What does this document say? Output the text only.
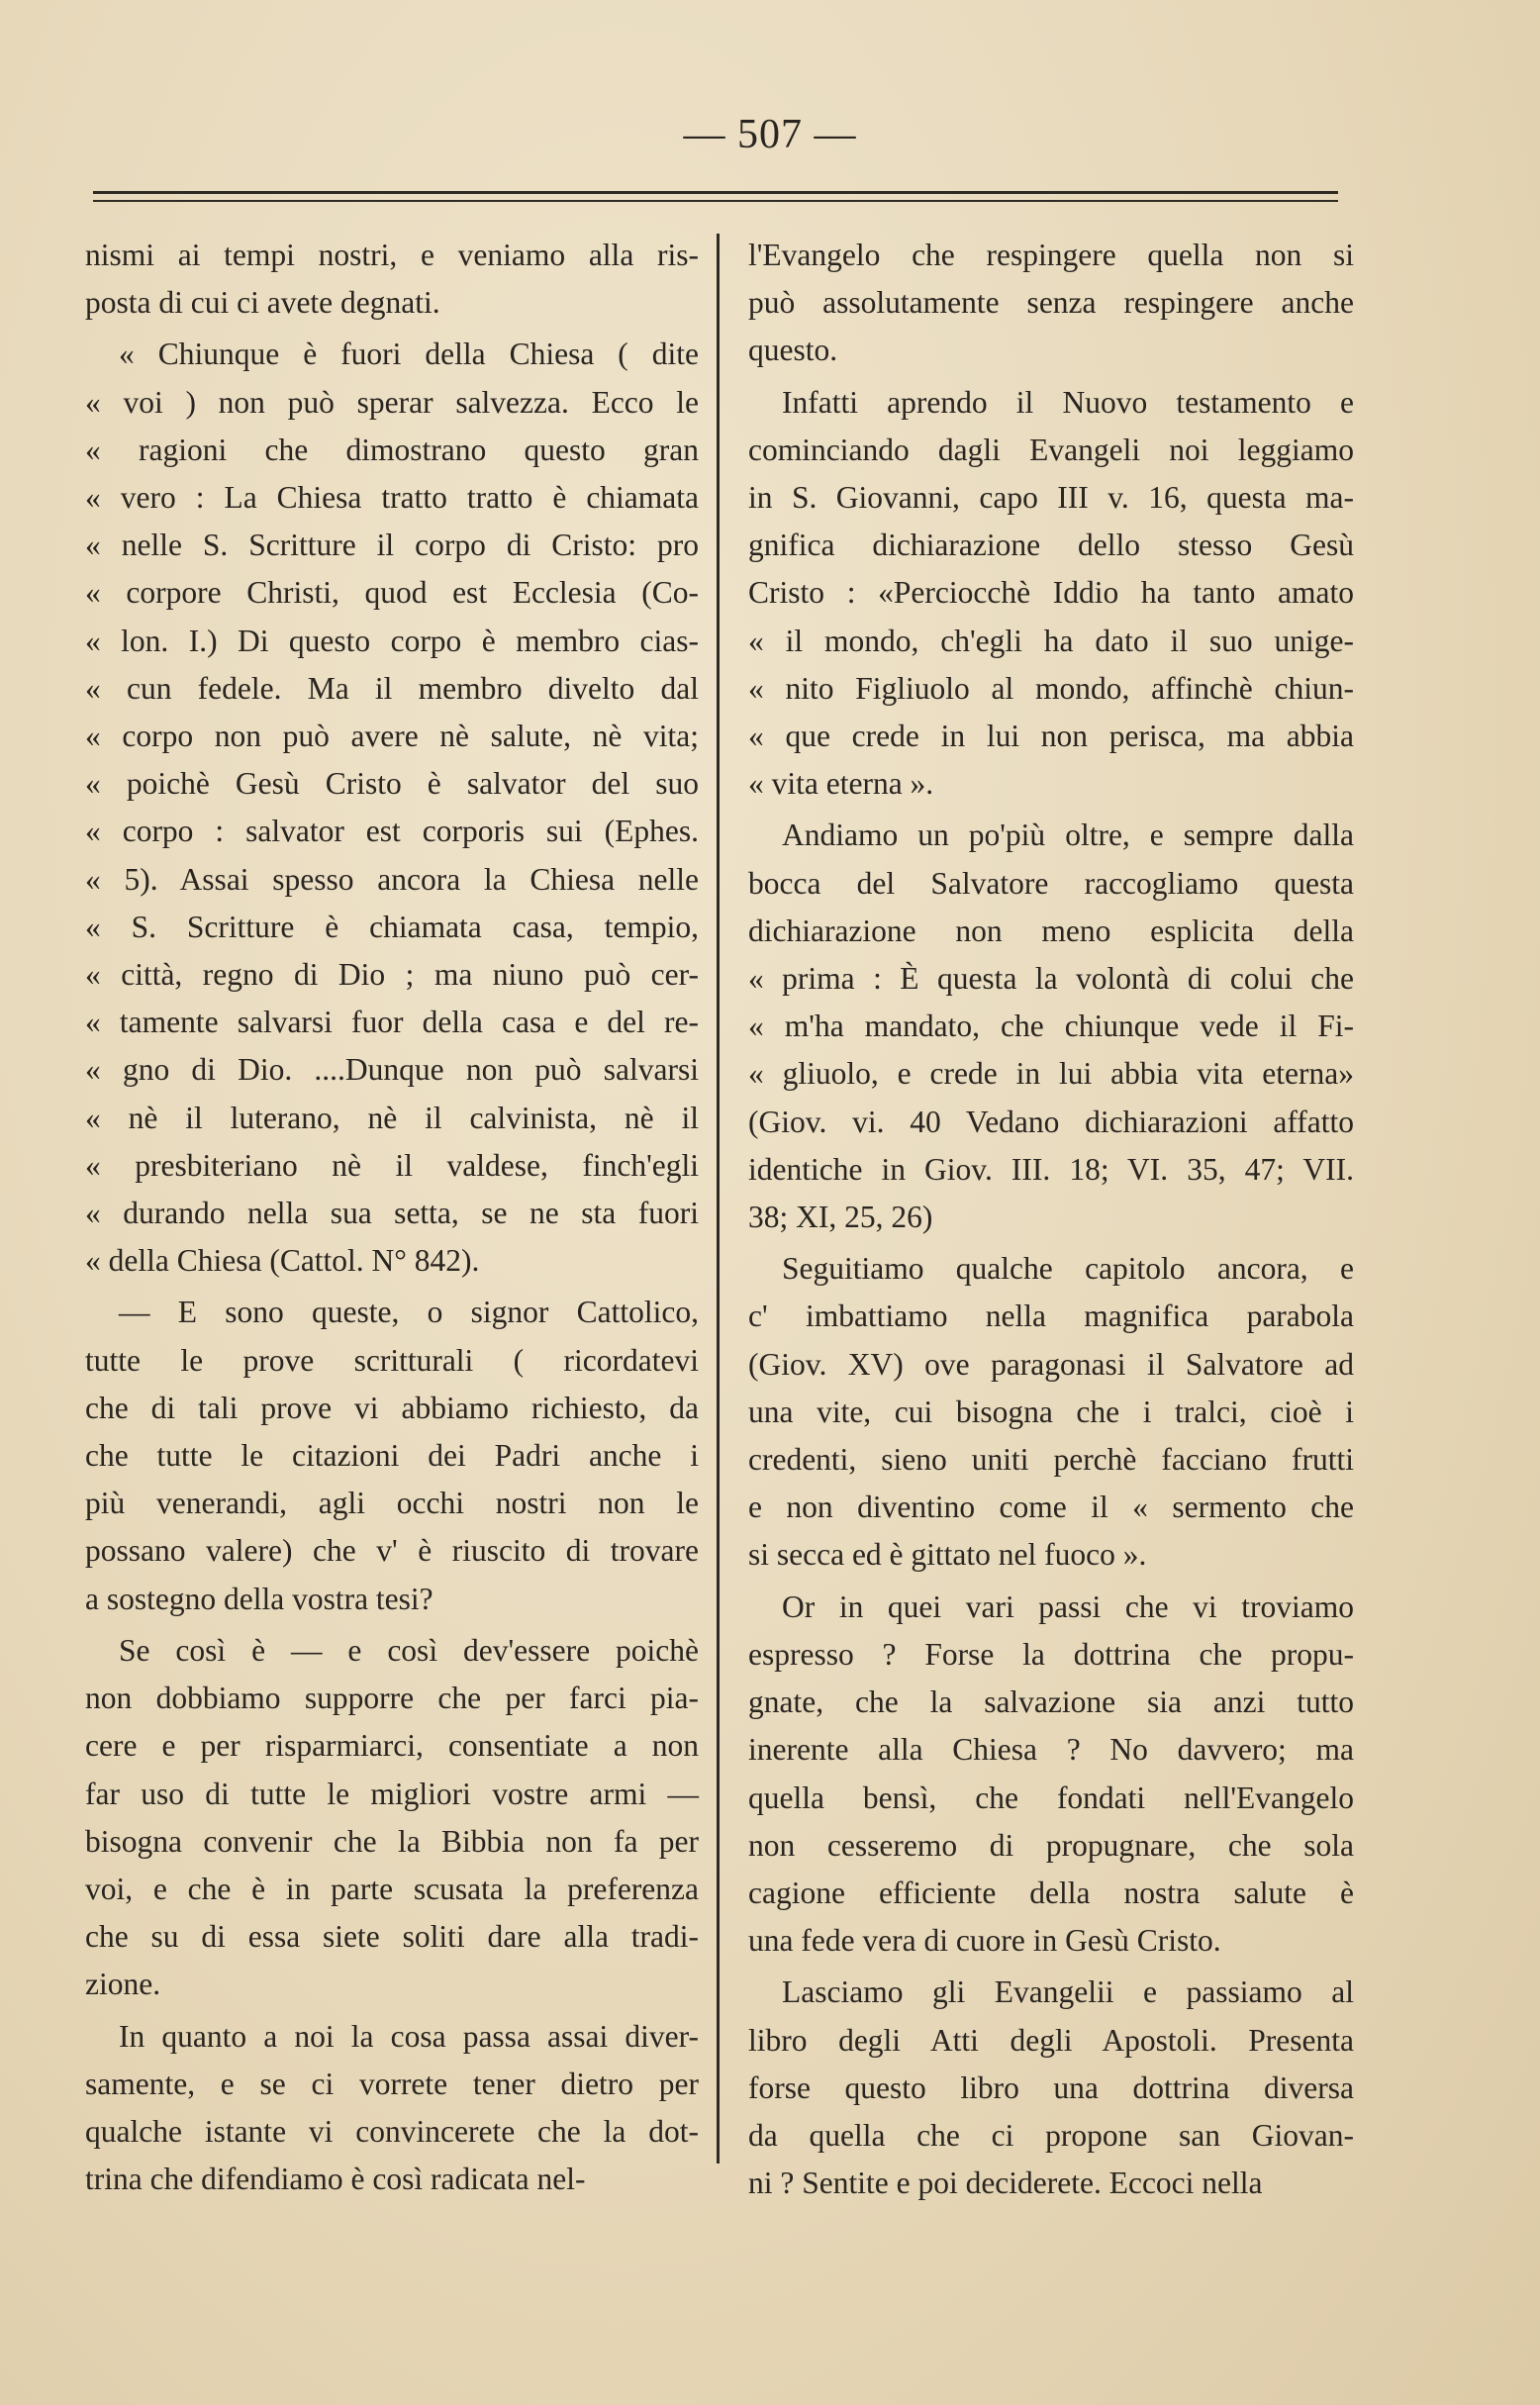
— 507 —
nismi ai tempi nostri, e veniamo alla ris-
posta di cui ci avete degnati.
« Chiunque è fuori della Chiesa ( dite
« voi ) non può sperar salvezza. Ecco le
« ragioni che dimostrano questo gran
« vero : La Chiesa tratto tratto è chiamata
« nelle S. Scritture il corpo di Cristo: pro
« corpore Christi, quod est Ecclesia (Co-
« lon. I.) Di questo corpo è membro cias-
« cun fedele. Ma il membro divelto dal
« corpo non può avere nè salute, nè vita;
« poichè Gesù Cristo è salvator del suo
« corpo : salvator est corporis sui (Ephes.
« 5). Assai spesso ancora la Chiesa nelle
« S. Scritture è chiamata casa, tempio,
« città, regno di Dio ; ma niuno può cer-
« tamente salvarsi fuor della casa e del re-
« gno di Dio. ....Dunque non può salvarsi
« nè il luterano, nè il calvinista, nè il
« presbiteriano nè il valdese, finch'egli
« durando nella sua setta, se ne sta fuori
« della Chiesa (Cattol. N° 842).
— E sono queste, o signor Cattolico,
tutte le prove scritturali ( ricordatevi
che di tali prove vi abbiamo richiesto, da
che tutte le citazioni dei Padri anche i
più venerandi, agli occhi nostri non le
possano valere) che v' è riuscito di trovare
a sostegno della vostra tesi?
Se così è — e così dev'essere poichè
non dobbiamo supporre che per farci pia-
cere e per risparmiarci, consentiate a non
far uso di tutte le migliori vostre armi —
bisogna convenir che la Bibbia non fa per
voi, e che è in parte scusata la preferenza
che su di essa siete soliti dare alla tradi-
zione.
In quanto a noi la cosa passa assai diver-
samente, e se ci vorrete tener dietro per
qualche istante vi convincerete che la dot-
trina che difendiamo è così radicata nel-
l'Evangelo che respingere quella non si
può assolutamente senza respingere anche
questo.
Infatti aprendo il Nuovo testamento e
cominciando dagli Evangeli noi leggiamo
in S. Giovanni, capo III v. 16, questa ma-
gnifica dichiarazione dello stesso Gesù
Cristo : «Perciocchè Iddio ha tanto amato
« il mondo, ch'egli ha dato il suo unige-
« nito Figliuolo al mondo, affinchè chiun-
« que crede in lui non perisca, ma abbia
« vita eterna ».
Andiamo un po'più oltre, e sempre dalla
bocca del Salvatore raccogliamo questa
dichiarazione non meno esplicita della
« prima : È questa la volontà di colui che
« m'ha mandato, che chiunque vede il Fi-
« gliuolo, e crede in lui abbia vita eterna»
(Giov. vi. 40 Vedano dichiarazioni affatto
identiche in Giov. III. 18; VI. 35, 47; VII.
38; XI, 25, 26)
Seguitiamo qualche capitolo ancora, e
c' imbattiamo nella magnifica parabola
(Giov. XV) ove paragonasi il Salvatore ad
una vite, cui bisogna che i tralci, cioè i
credenti, sieno uniti perchè facciano frutti
e non diventino come il « sermento che
si secca ed è gittato nel fuoco ».
Or in quei vari passi che vi troviamo
espresso ? Forse la dottrina che propu-
gnate, che la salvazione sia anzi tutto
inerente alla Chiesa ? No davvero; ma
quella bensì, che fondati nell'Evangelo
non cesseremo di propugnare, che sola
cagione efficiente della nostra salute è
una fede vera di cuore in Gesù Cristo.
Lasciamo gli Evangelii e passiamo al
libro degli Atti degli Apostoli. Presenta
forse questo libro una dottrina diversa
da quella che ci propone san Giovan-
ni ? Sentite e poi deciderete. Eccoci nella
